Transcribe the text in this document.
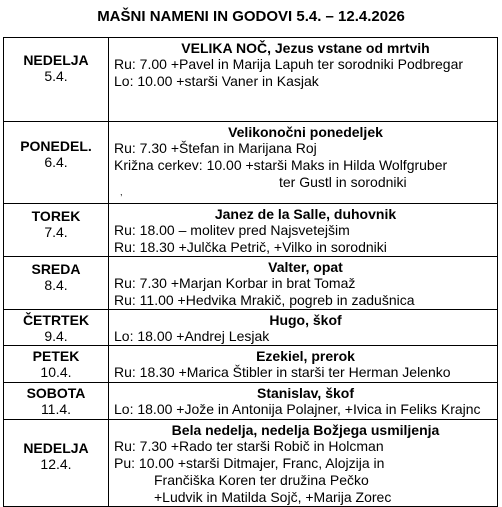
MAŠNI NAMENI IN GODOVI 5.4. – 12.4.2026
NEDELJA
5.4.	VELIKA NOČ, Jezus vstane od mrtvih
Ru: 7.00 +Pavel in Marija Lapuh ter sorodniki Podbregar
Lo: 10.00 +starši Vaner in Kasjak

PONEDEL.
6.4.	Velikonočni ponedeljek
Ru: 7.30 +Štefan in Marijana Roj
Križna cerkev: 10.00 +starši Maks in Hilda Wolfgruber
ter Gustl in sorodniki
,

TOREK
7.4.	Janez de la Salle, duhovnik
Ru: 18.00 – molitev pred Najsvetejšim
Ru: 18.30 +Julčka Petrič, +Vilko in sorodniki

SREDA
8.4.	Valter, opat
Ru: 7.30 +Marjan Korbar in brat Tomaž
Ru: 11.00 +Hedvika Mrakič, pogreb in zadušnica

ČETRTEK
9.4.	Hugo, škof
Lo: 18.00 +Andrej Lesjak

PETEK
10.4.	Ezekiel, prerok
Ru: 18.30 +Marica Štibler in starši ter Herman Jelenko

SOBOTA
11.4.	Stanislav, škof
Lo: 18.00 +Jože in Antonija Polajner, +Ivica in Feliks Krajnc

NEDELJA
12.4.	Bela nedelja, nedelja Božjega usmiljenja
Ru: 7.30 +Rado ter starši Robič in Holcman
Pu: 10.00 +starši Ditmajer, Franc, Alojzija in
Frančiška Koren ter družina Pečko
+Ludvik in Matilda Sojč, +Marija Zorec
